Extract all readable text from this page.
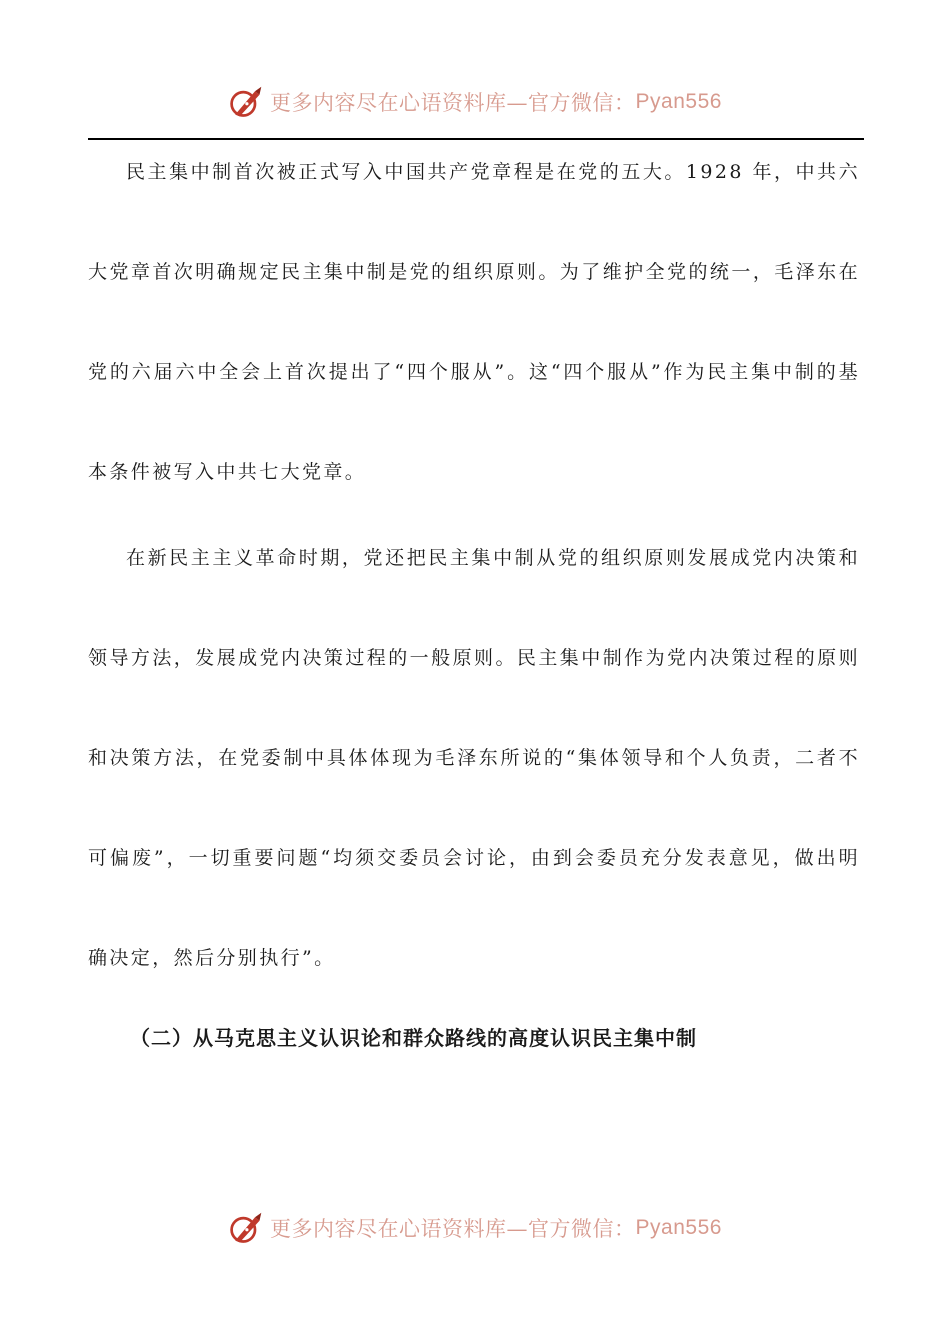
更多内容尽在心语资料库—官方微信： Pyan556

民主集中制首次被正式写入中国共产党章程是在党的五大。1928 年，中共六大党章首次明确规定民主集中制是党的组织原则。为了维护全党的统一，毛泽东在党的六届六中全会上首次提出了“四个服从”。这“四个服从”作为民主集中制的基本条件被写入中共七大党章。

在新民主主义革命时期，党还把民主集中制从党的组织原则发展成党内决策和领导方法，发展成党内决策过程的一般原则。民主集中制作为党内决策过程的原则和决策方法，在党委制中具体体现为毛泽东所说的“集体领导和个人负责，二者不可偏废”，一切重要问题“均须交委员会讨论，由到会委员充分发表意见，做出明确决定，然后分别执行”。

（二）从马克思主义认识论和群众路线的高度认识民主集中制
更多内容尽在心语资料库—官方微信： Pyan556
